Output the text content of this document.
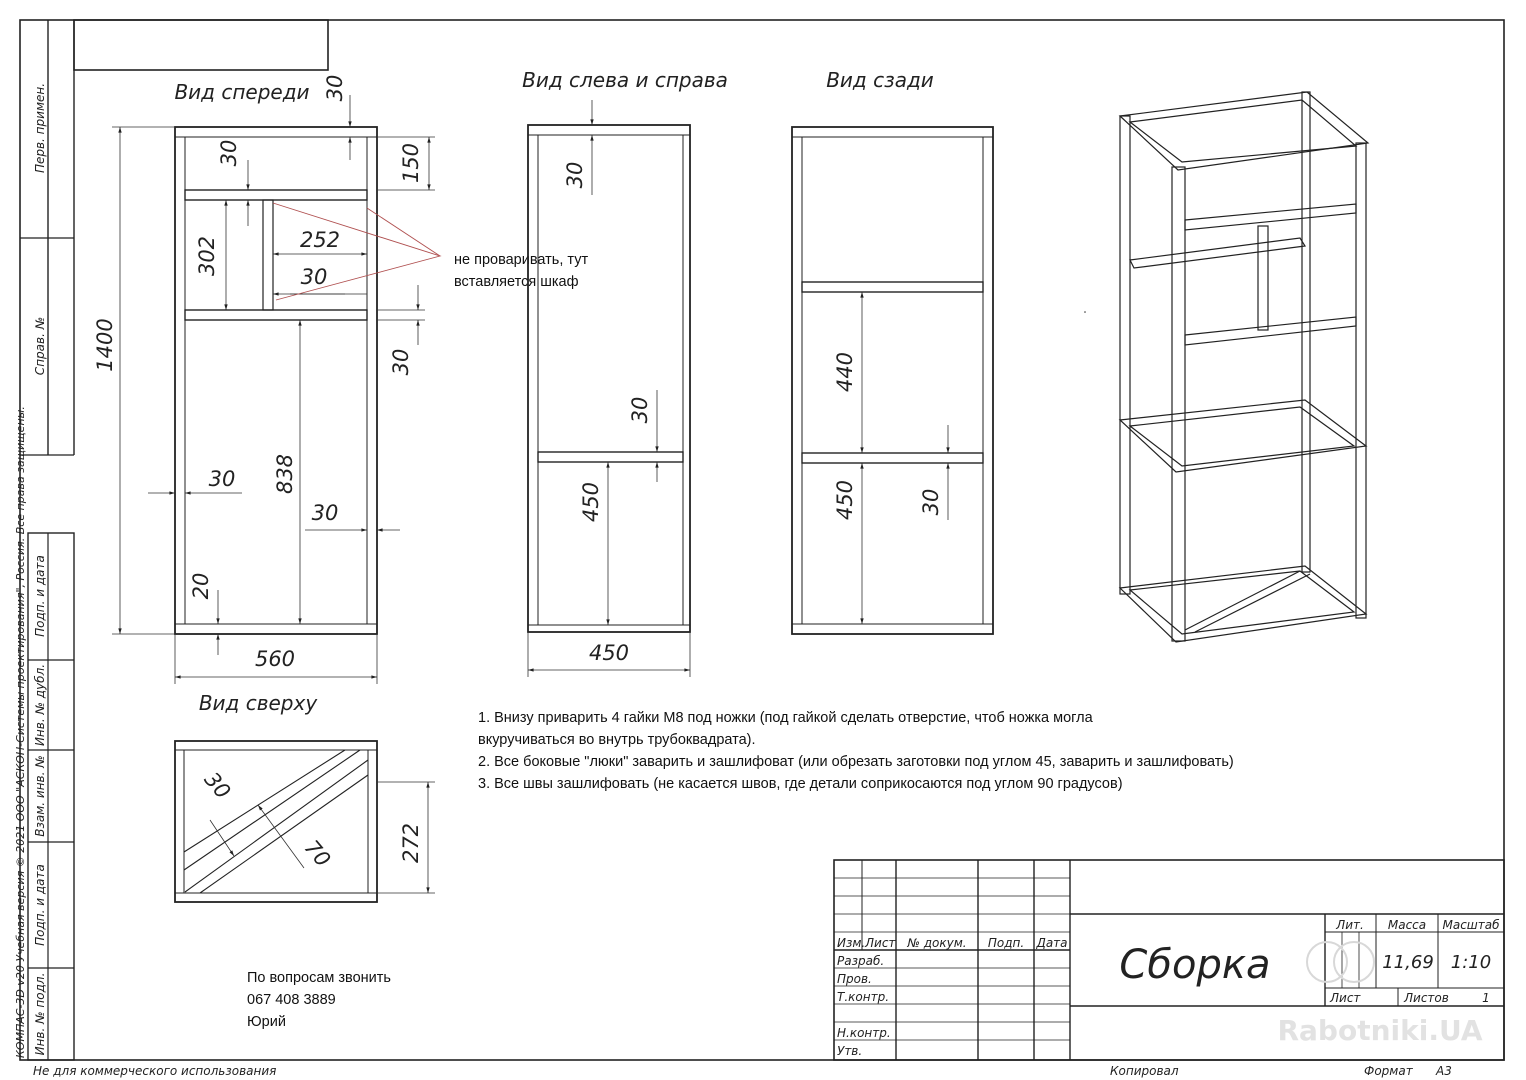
Перв. примен.
Справ. №
Подп. и дата
Инв. № дубл.
Взам. инв. №
Подп. и дата
Инв. № подл.
КОМПАС-3D v20 Учебная версия © 2021 ООО "АСКОН-Системы проектирования", Россия. Все права защищены.
Вид спереди
не проваривать, тут
вставляется шкаф
30
30	150
302	252
30
30
1400
30 838
30
20
560
Вид слева и справа
30
30
450
450
Вид сзади
440
450	30
Вид сверху
30
70	272
1. Внизу приварить 4 гайки М8 под ножки (под гайкой сделать отверстие, чтоб ножка могла
вкуручиваться во внутрь трубоквадрата).
2. Все боковые "люки" заварить и зашлифоват (или обрезать заготовки под углом 45, заварить и зашлифовать)
3. Все швы зашлифовать (не касается швов, где детали соприкосаются под углом 90 градусов)
По вопросам звонить
067 408 3889
Юрий
Изм. Лист № докум. Подп. Дата
Разраб.
Пров.
Т.контр.
Н.контр.
Утв.
Сборка
Лит. Масса Масштаб
11,69 1:10
Лист	Листов	1
Копировал	Формат А3
Не для коммерческого использования
Rabotniki.UA
